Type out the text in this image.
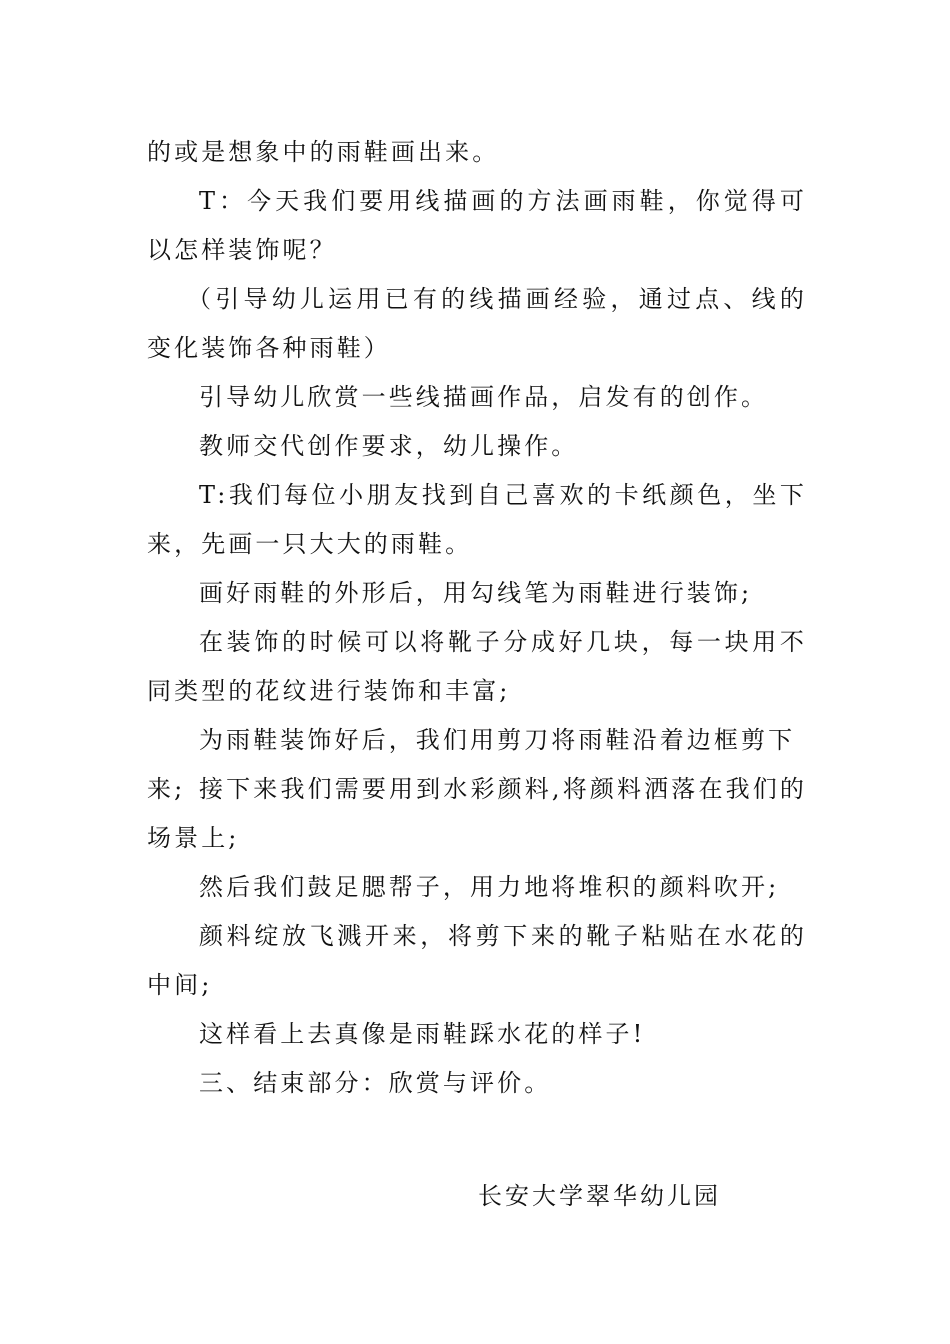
的或是想象中的雨鞋画出来。

T：今天我们要用线描画的方法画雨鞋，你觉得可以怎样装饰呢？

（引导幼儿运用已有的线描画经验，通过点、线的变化装饰各种雨鞋）

引导幼儿欣赏一些线描画作品，启发有的创作。

教师交代创作要求，幼儿操作。

T:我们每位小朋友找到自己喜欢的卡纸颜色，坐下来，先画一只大大的雨鞋。

画好雨鞋的外形后，用勾线笔为雨鞋进行装饰;

在装饰的时候可以将靴子分成好几块，每一块用不同类型的花纹进行装饰和丰富;

为雨鞋装饰好后，我们用剪刀将雨鞋沿着边框剪下来; 接下来我们需要用到水彩颜料,将颜料洒落在我们的场景上;

然后我们鼓足腮帮子，用力地将堆积的颜料吹开;

颜料绽放飞溅开来，将剪下来的靴子粘贴在水花的中间;

这样看上去真像是雨鞋踩水花的样子!

三、结束部分：欣赏与评价。

长安大学翠华幼儿园
